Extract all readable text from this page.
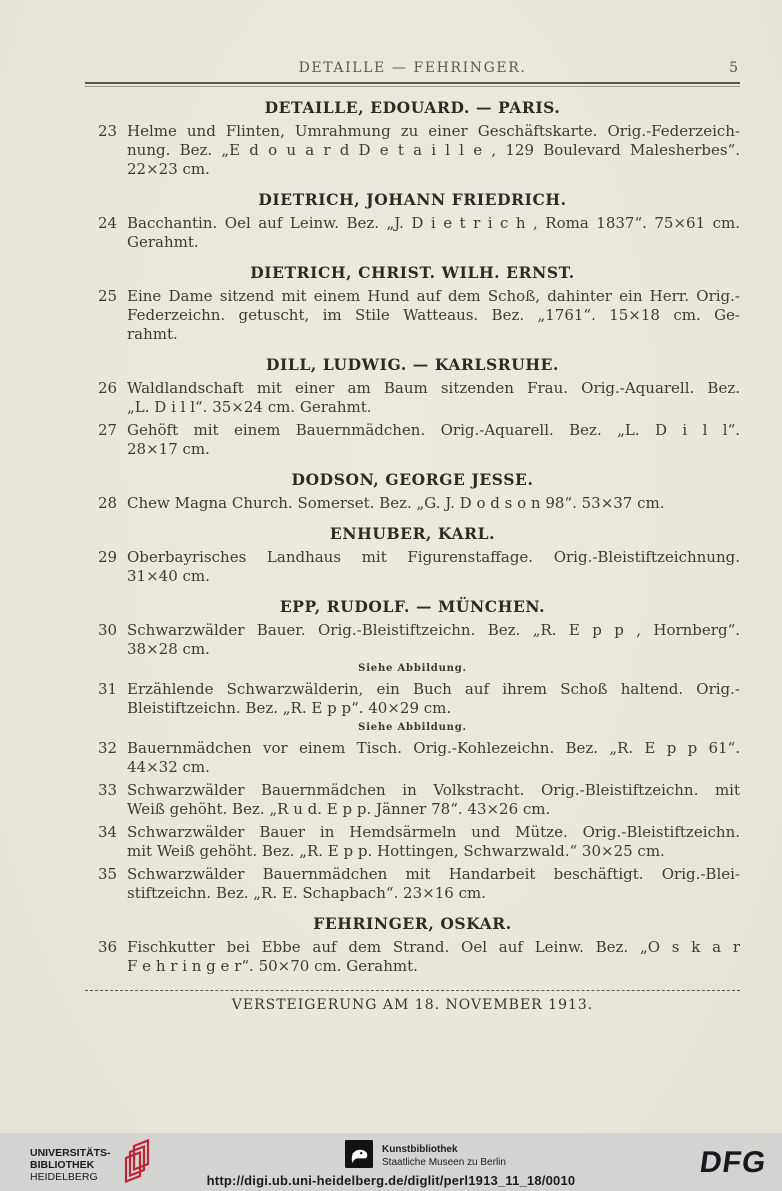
DETAILLE — FEHRINGER.	5
DETAILLE, EDOUARD. — PARIS.
23 Helme und Flinten, Umrahmung zu einer Geschäftskarte. Orig.-Federzeich-
nung. Bez. „E d o u a r d D e t a i l l e , 129 Boulevard Malesherbes“.
22×23 cm.
DIETRICH, JOHANN FRIEDRICH.
24 Bacchantin. Oel auf Leinw. Bez. „J. D i e t r i c h , Roma 1837“. 75×61 cm.
Gerahmt.
DIETRICH, CHRIST. WILH. ERNST.
25 Eine Dame sitzend mit einem Hund auf dem Schoß, dahinter ein Herr. Orig.-
Federzeichn. getuscht, im Stile Watteaus. Bez. „1761“. 15×18 cm. Ge-
rahmt.
DILL, LUDWIG. — KARLSRUHE.
26 Waldlandschaft mit einer am Baum sitzenden Frau. Orig.-Aquarell. Bez.
„L. D i l l“. 35×24 cm. Gerahmt.
27 Gehöft mit einem Bauernmädchen. Orig.-Aquarell. Bez. „L. D i l l“.
28×17 cm.
DODSON, GEORGE JESSE.
28 Chew Magna Church. Somerset. Bez. „G. J. D o d s o n 98“. 53×37 cm.
ENHUBER, KARL.
29 Oberbayrisches Landhaus mit Figurenstaffage. Orig.-Bleistiftzeichnung.
31×40 cm.
EPP, RUDOLF. — MÜNCHEN.
30 Schwarzwälder Bauer. Orig.-Bleistiftzeichn. Bez. „R. E p p , Hornberg“.
38×28 cm.
Siehe Abbildung.
31 Erzählende Schwarzwälderin, ein Buch auf ihrem Schoß haltend. Orig.-
Bleistiftzeichn. Bez. „R. E p p“. 40×29 cm.
Siehe Abbildung.
32 Bauernmädchen vor einem Tisch. Orig.-Kohlezeichn. Bez. „R. E p p 61“.
44×32 cm.
33 Schwarzwälder Bauernmädchen in Volkstracht. Orig.-Bleistiftzeichn. mit
Weiß gehöht. Bez. „R u d. E p p. Jänner 78“. 43×26 cm.
34 Schwarzwälder Bauer in Hemdsärmeln und Mütze. Orig.-Bleistiftzeichn.
mit Weiß gehöht. Bez. „R. E p p. Hottingen, Schwarzwald.“ 30×25 cm.
35 Schwarzwälder Bauernmädchen mit Handarbeit beschäftigt. Orig.-Blei-
stiftzeichn. Bez. „R. E. Schapbach“. 23×16 cm.
FEHRINGER, OSKAR.
36 Fischkutter bei Ebbe auf dem Strand. Oel auf Leinw. Bez. „O s k a r
F e h r i n g e r“. 50×70 cm. Gerahmt.
VERSTEIGERUNG AM 18. NOVEMBER 1913.
UNIVERSITÄTS-
BIBLIOTHEK
HEIDELBERG
Kunstbibliothek
Staatliche Museen zu Berlin
http://digi.ub.uni-heidelberg.de/diglit/perl1913_11_18/0010
DFG
